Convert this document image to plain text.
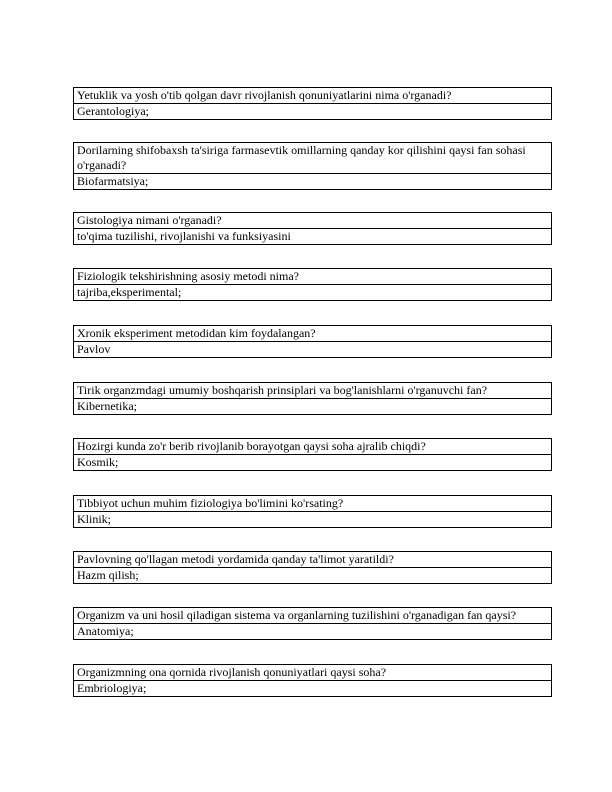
Yetuklik va yosh o'tib qolgan davr rivojlanish qonuniyatlarini nima o'rganadi?
Gerantologiya;
Dorilarning shifobaxsh ta'siriga farmasevtik omillarning qanday kor qilishini qaysi fan sohasi o'rganadi?
Biofarmatsiya;
Gistologiya nimani o'rganadi?
to'qima tuzilishi, rivojlanishi va funksiyasini
Fiziologik tekshirishning asosiy metodi nima?
tajriba,eksperimental;
Xronik eksperiment metodidan kim foydalangan?
Pavlov
Tirik organzmdagi umumiy boshqarish prinsiplari va bog'lanishlarni o'rganuvchi fan?
Kibernetika;
Hozirgi kunda zo'r berib rivojlanib borayotgan qaysi soha ajralib chiqdi?
Kosmik;
Tibbiyot uchun muhim fiziologiya bo'limini ko'rsating?
Klinik;
Pavlovning qo'llagan metodi yordamida qanday ta'limot yaratildi?
Hazm qilish;
Organizm va uni hosil qiladigan sistema va organlarning tuzilishini o'rganadigan fan qaysi?
Anatomiya;
Organizmning ona qornida rivojlanish qonuniyatlari qaysi soha?
Embriologiya;
